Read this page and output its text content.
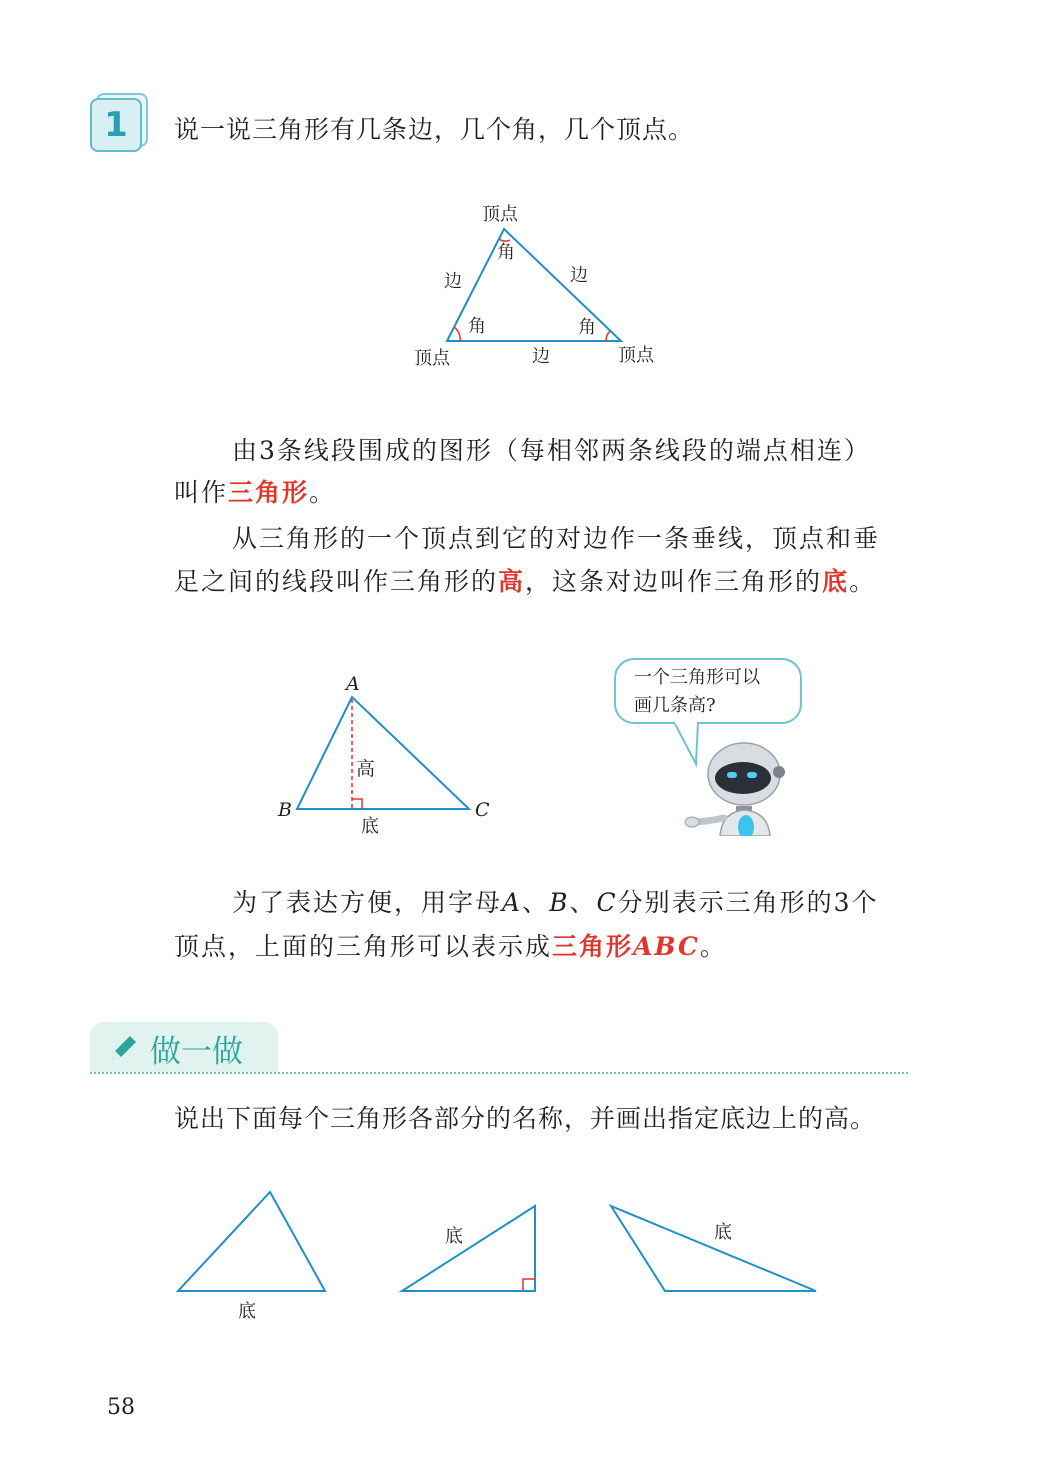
1	说一说三角形有几条边，几个角，几个顶点。
顶点
顶点	顶点
边	边
边
角
角	角
由3条线段围成的图形（每相邻两条线段的端点相连）
叫作三角形。
从三角形的一个顶点到它的对边作一条垂线，顶点和垂
足之间的线段叫作三角形的高，这条对边叫作三角形的底。
A
B	C
高
底
一个三角形可以
画几条高?
为了表达方便，用字母A、B、C分别表示三角形的3个
顶点，上面的三角形可以表示成三角形ABC。
做一做
说出下面每个三角形各部分的名称，并画出指定底边上的高。
底
底	底
58
